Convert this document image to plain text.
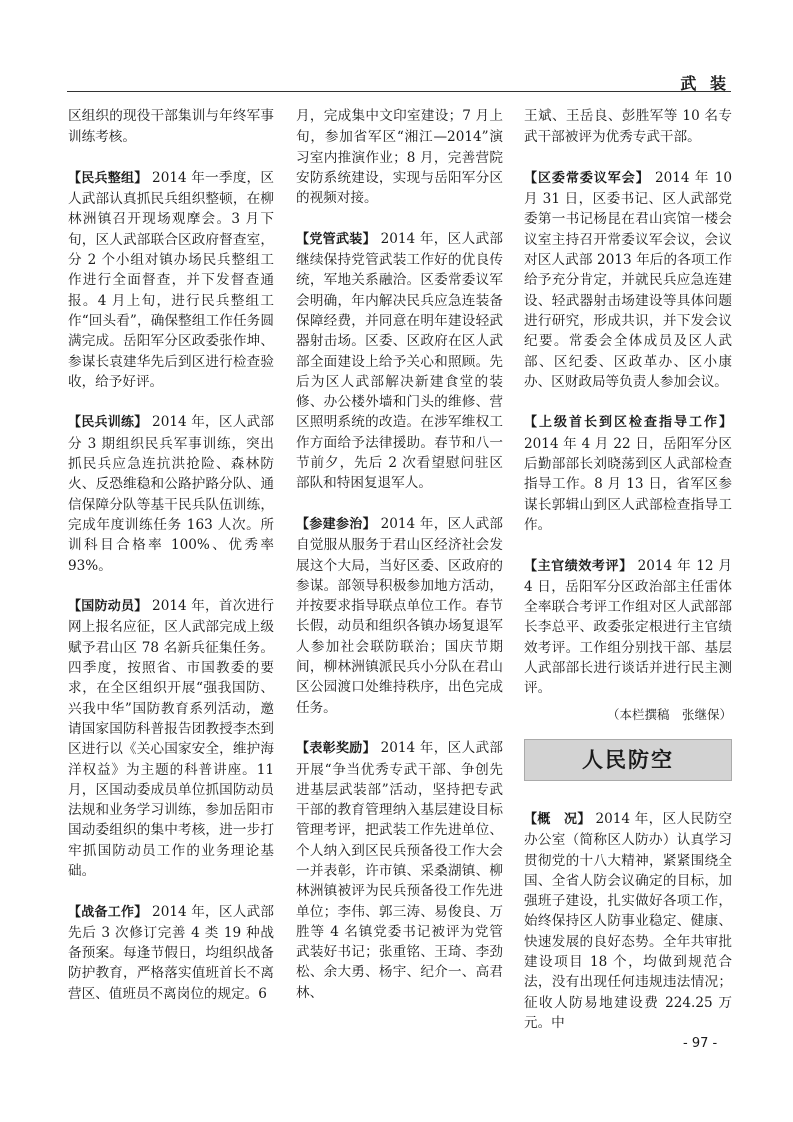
武 装

区组织的现役干部集训与年终军事训练考核。

【民兵整组】 2014 年一季度，区人武部认真抓民兵组织整顿，在柳林洲镇召开现场观摩会。3 月下旬，区人武部联合区政府督查室，分 2 个小组对镇办场民兵整组工作进行全面督查，并下发督查通报。4 月上旬，进行民兵整组工作“回头看”，确保整组工作任务圆满完成。岳阳军分区政委张作坤、参谋长袁建华先后到区进行检查验收，给予好评。

【民兵训练】 2014 年，区人武部分 3 期组织民兵军事训练，突出抓民兵应急连抗洪抢险、森林防火、反恐维稳和公路护路分队、通信保障分队等基干民兵队伍训练，完成年度训练任务 163 人次。所训科目合格率 100%、优秀率 93%。

【国防动员】 2014 年，首次进行网上报名应征，区人武部完成上级赋予君山区 78 名新兵征集任务。四季度，按照省、市国教委的要求，在全区组织开展“强我国防、兴我中华”国防教育系列活动，邀请国家国防科普报告团教授李杰到区进行以《关心国家安全，维护海洋权益》为主题的科普讲座。11 月，区国动委成员单位抓国防动员法规和业务学习训练，参加岳阳市国动委组织的集中考核，进一步打牢抓国防动员工作的业务理论基础。

【战备工作】 2014 年，区人武部先后 3 次修订完善 4 类 19 种战备预案。每逢节假日，均组织战备防护教育，严格落实值班首长不离营区、值班员不离岗位的规定。6

月，完成集中文印室建设；7 月上旬，参加省军区“湘江—2014”演习室内推演作业；8 月，完善营院安防系统建设，实现与岳阳军分区的视频对接。

【党管武装】 2014 年，区人武部继续保持党管武装工作好的优良传统，军地关系融洽。区委常委议军会明确，年内解决民兵应急连装备保障经费，并同意在明年建设轻武器射击场。区委、区政府在区人武部全面建设上给予关心和照顾。先后为区人武部解决新建食堂的装修、办公楼外墙和门头的维修、营区照明系统的改造。在涉军维权工作方面给予法律援助。春节和八一节前夕，先后 2 次看望慰问驻区部队和特困复退军人。

【参建参治】 2014 年，区人武部自觉服从服务于君山区经济社会发展这个大局，当好区委、区政府的参谋。部领导积极参加地方活动，并按要求指导联点单位工作。春节长假，动员和组织各镇办场复退军人参加社会联防联治；国庆节期间，柳林洲镇派民兵小分队在君山区公园渡口处维持秩序，出色完成任务。

【表彰奖励】 2014 年，区人武部开展“争当优秀专武干部、争创先进基层武装部”活动，坚持把专武干部的教育管理纳入基层建设目标管理考评，把武装工作先进单位、个人纳入到区民兵预备役工作大会一并表彰，许市镇、采桑湖镇、柳林洲镇被评为民兵预备役工作先进单位；李伟、郭三涛、易俊良、万胜等 4 名镇党委书记被评为党管武装好书记；张重铭、王琦、李劲松、余大勇、杨宇、纪介一、高君林、

王斌、王岳良、彭胜军等 10 名专武干部被评为优秀专武干部。

【区委常委议军会】 2014 年 10 月 31 日，区委书记、区人武部党委第一书记杨昆在君山宾馆一楼会议室主持召开常委议军会议，会议对区人武部 2013 年后的各项工作给予充分肯定，并就民兵应急连建设、轻武器射击场建设等具体问题进行研究，形成共识，并下发会议纪要。常委会全体成员及区人武部、区纪委、区政革办、区小康办、区财政局等负责人参加会议。

【上级首长到区检查指导工作】 2014 年 4 月 22 日，岳阳军分区后勤部部长刘晓荡到区人武部检查指导工作。8 月 13 日，省军区参谋长郭辑山到区人武部检查指导工作。

【主官绩效考评】 2014 年 12 月 4 日，岳阳军分区政治部主任雷体全率联合考评工作组对区人武部部长李总平、政委张定根进行主官绩效考评。工作组分别找干部、基层人武部部长进行谈话并进行民主测评。

（本栏撰稿　张继保）
人民防空

【概　况】 2014 年，区人民防空办公室（简称区人防办）认真学习贯彻党的十八大精神，紧紧围绕全国、全省人防会议确定的目标，加强班子建设，扎实做好各项工作，始终保持区人防事业稳定、健康、快速发展的良好态势。全年共审批建设项目 18 个，均做到规范合法，没有出现任何违规违法情况；征收人防易地建设费 224.25 万元。中

- 97 -
